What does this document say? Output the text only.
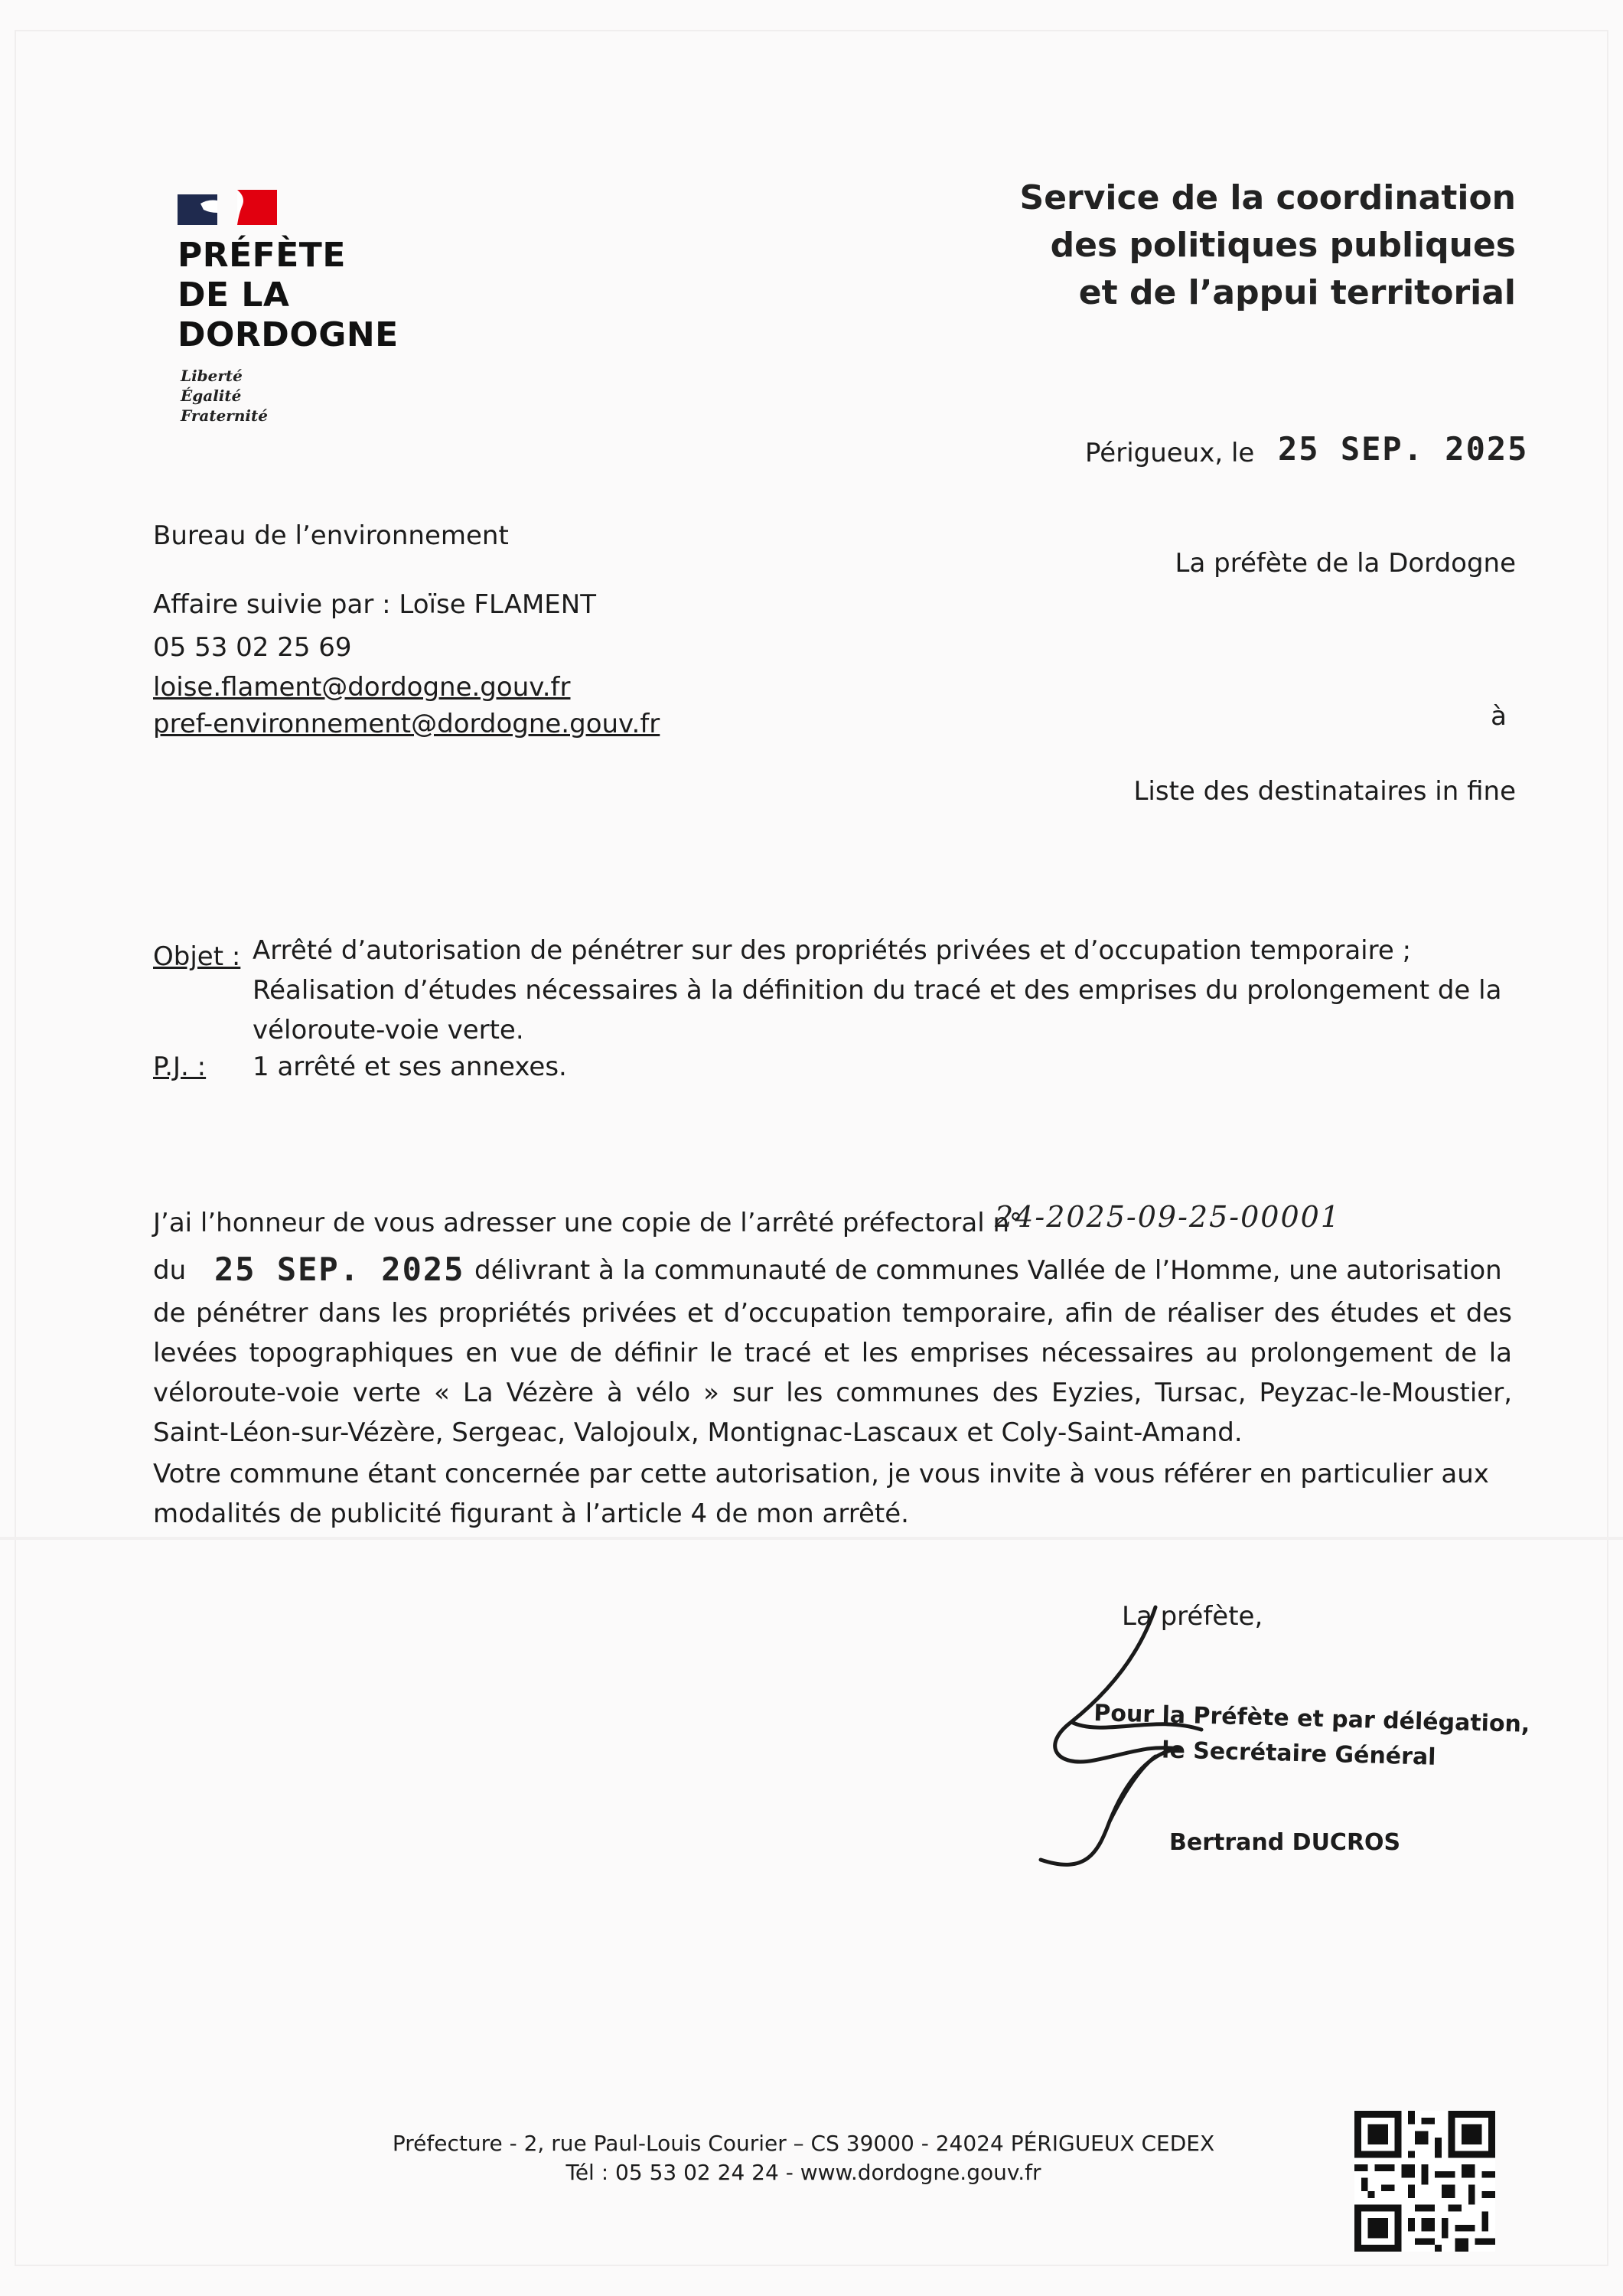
PRÉFÈTE
DE LA
DORDOGNE
Liberté
Égalité
Fraternité
Service de la coordination
des politiques publiques
et de l’appui territorial
Périgueux, le 25 SEP. 2025
Bureau de l’environnement
Affaire suivie par : Loïse FLAMENT
05 53 02 25 69
loise.flament@dordogne.gouv.fr
pref-environnement@dordogne.gouv.fr
La préfète de la Dordogne
à
Liste des destinataires in fine
Objet : Arrêté d’autorisation de pénétrer sur des propriétés privées et d’occupation temporaire ; Réalisation d’études nécessaires à la définition du tracé et des emprises du prolongement de la véloroute-voie verte.
P.J. : 1 arrêté et ses annexes.
J’ai l’honneur de vous adresser une copie de l’arrêté préfectoral n°
24-2025-09-25-00001
du 25 SEP. 2025 délivrant à la communauté de communes Vallée de l’Homme, une autorisation
de pénétrer dans les propriétés privées et d’occupation temporaire, afin de réaliser des études et des levées topographiques en vue de définir le tracé et les emprises nécessaires au prolongement de la véloroute-voie verte « La Vézère à vélo » sur les communes des Eyzies, Tursac, Peyzac-le-Moustier, Saint-Léon-sur-Vézère, Sergeac, Valojoulx, Montignac-Lascaux et Coly-Saint-Amand.
Votre commune étant concernée par cette autorisation, je vous invite à vous référer en particulier aux modalités de publicité figurant à l’article 4 de mon arrêté.
La préfète,
Pour la Préfète et par délégation,
le Secrétaire Général
Bertrand DUCROS
Préfecture - 2, rue Paul-Louis Courier – CS 39000 - 24024 PÉRIGUEUX CEDEX
Tél : 05 53 02 24 24 - www.dordogne.gouv.fr
